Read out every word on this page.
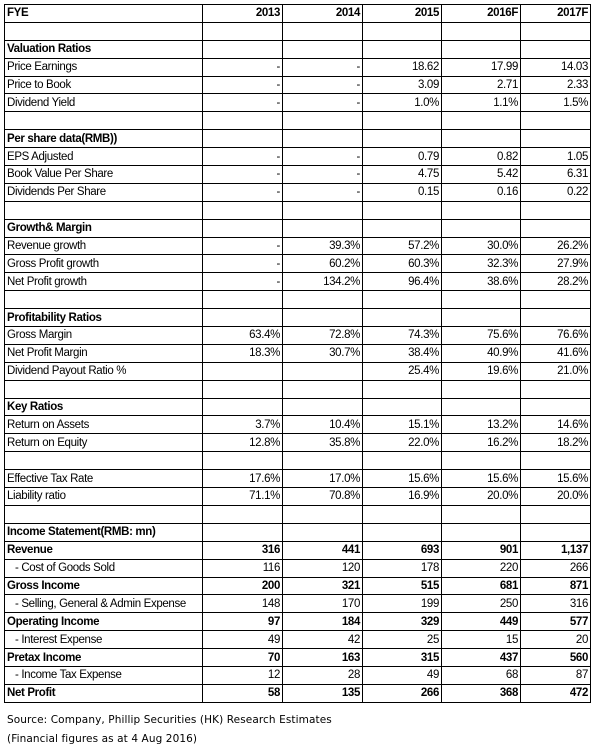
FYE	2013	2014	2015	2016F	2017F

Valuation Ratios					
Price Earnings	-	-	18.62	17.99	14.03
Price to Book	-	-	3.09	2.71	2.33
Dividend Yield	-	-	1.0%	1.1%	1.5%

Per share data(RMB))					
EPS Adjusted	-	-	0.79	0.82	1.05
Book Value Per Share	-	-	4.75	5.42	6.31
Dividends Per Share	-	-	0.15	0.16	0.22

Growth& Margin					
Revenue growth	-	39.3%	57.2%	30.0%	26.2%
Gross Profit growth	-	60.2%	60.3%	32.3%	27.9%
Net Profit growth	-	134.2%	96.4%	38.6%	28.2%

Profitability Ratios					
Gross Margin	63.4%	72.8%	74.3%	75.6%	76.6%
Net Profit Margin	18.3%	30.7%	38.4%	40.9%	41.6%
Dividend Payout Ratio %			25.4%	19.6%	21.0%

Key Ratios					
Return on Assets	3.7%	10.4%	15.1%	13.2%	14.6%
Return on Equity	12.8%	35.8%	22.0%	16.2%	18.2%

Effective Tax Rate	17.6%	17.0%	15.6%	15.6%	15.6%
Liability ratio	71.1%	70.8%	16.9%	20.0%	20.0%

Income Statement(RMB: mn)					
Revenue	316	441	693	901	1,137
- Cost of Goods Sold	116	120	178	220	266
Gross Income	200	321	515	681	871
- Selling, General & Admin Expense	148	170	199	250	316
Operating Income	97	184	329	449	577
- Interest Expense	49	42	25	15	20
Pretax Income	70	163	315	437	560
- Income Tax Expense	12	28	49	68	87
Net Profit	58	135	266	368	472
Source: Company, Phillip Securities (HK) Research Estimates
(Financial figures as at 4 Aug 2016)
